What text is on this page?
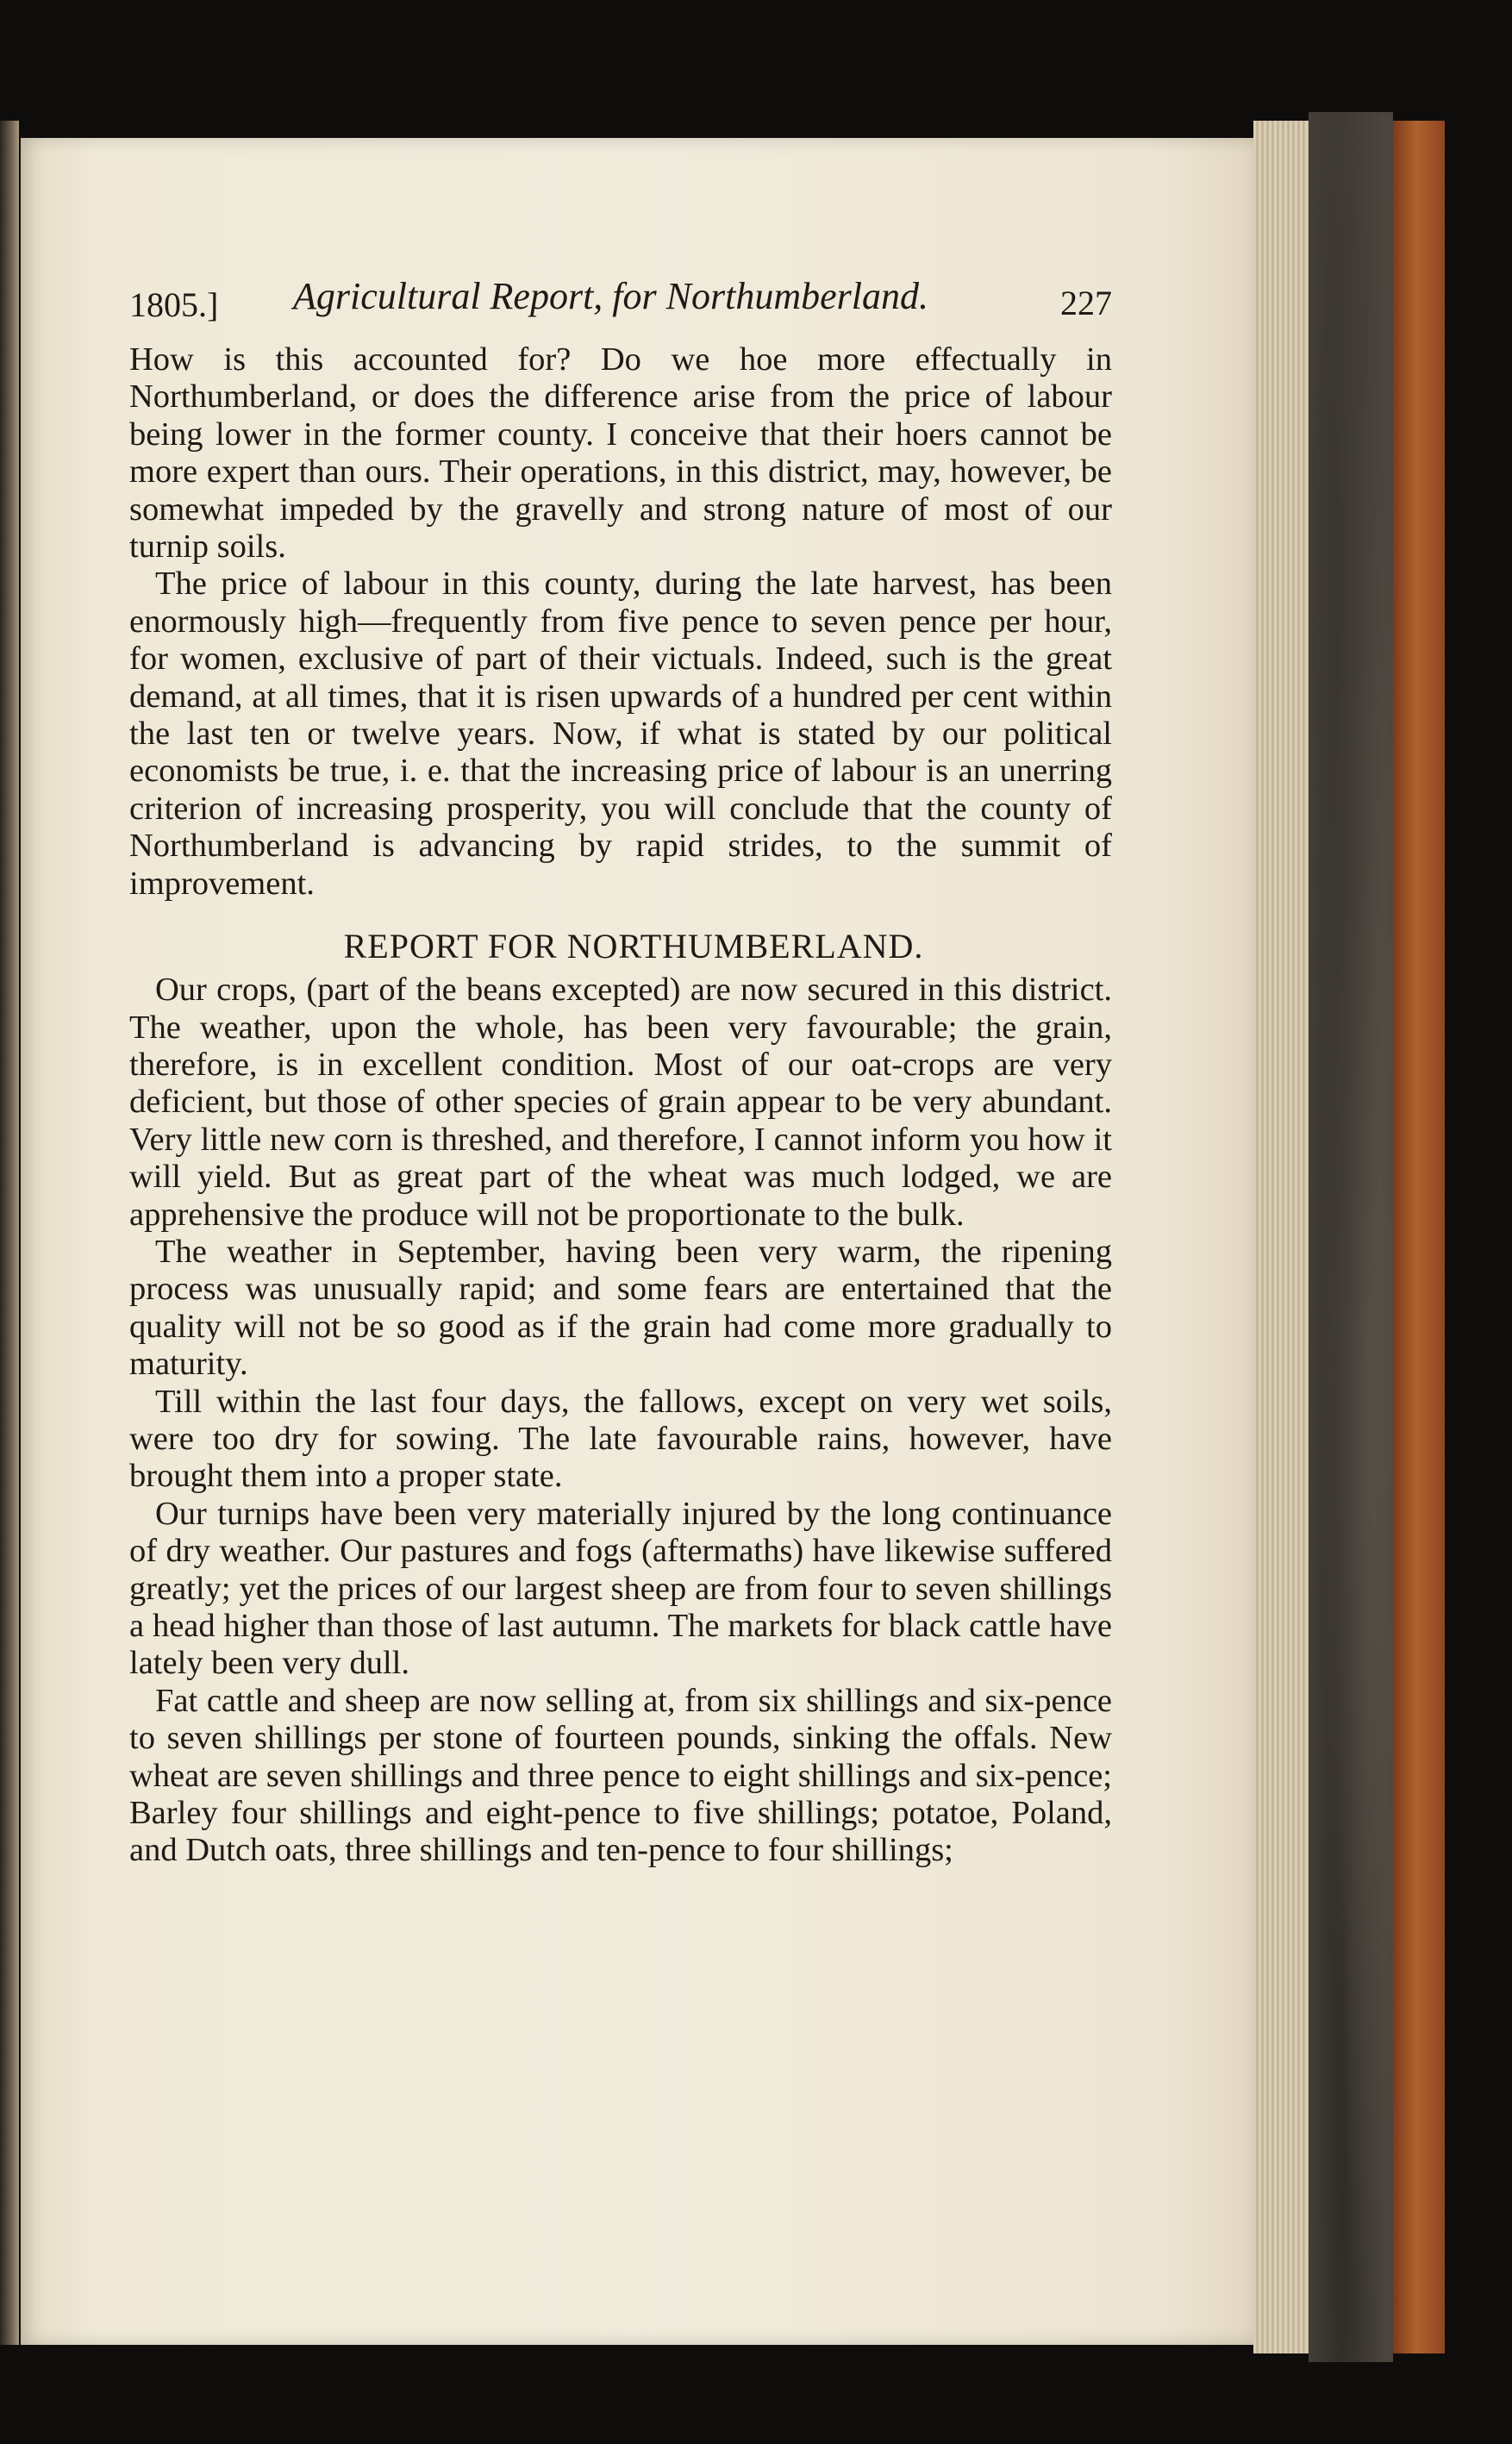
1805.] Agricultural Report, for Northumberland.	227

How is this accounted for? Do we hoe more effectually in Northumberland, or does the difference arise from the price of labour being lower in the former county. I conceive that their hoers cannot be more expert than ours. Their operations, in this district, may, however, be somewhat impeded by the gravelly and strong nature of most of our turnip soils.

The price of labour in this county, during the late harvest, has been enormously high—frequently from five pence to seven pence per hour, for women, exclusive of part of their victuals. Indeed, such is the great demand, at all times, that it is risen upwards of a hundred per cent within the last ten or twelve years. Now, if what is stated by our political economists be true, i. e. that the increasing price of labour is an unerring criterion of increasing prosperity, you will conclude that the county of Northumberland is advancing by rapid strides, to the summit of improvement.

REPORT FOR NORTHUMBERLAND.

Our crops, (part of the beans excepted) are now secured in this district. The weather, upon the whole, has been very favourable; the grain, therefore, is in excellent condition. Most of our oat-crops are very deficient, but those of other species of grain appear to be very abundant. Very little new corn is threshed, and therefore, I cannot inform you how it will yield. But as great part of the wheat was much lodged, we are apprehensive the produce will not be proportionate to the bulk.

The weather in September, having been very warm, the ripening process was unusually rapid; and some fears are entertained that the quality will not be so good as if the grain had come more gradually to maturity.

Till within the last four days, the fallows, except on very wet soils, were too dry for sowing. The late favourable rains, however, have brought them into a proper state.

Our turnips have been very materially injured by the long continuance of dry weather. Our pastures and fogs (aftermaths) have likewise suffered greatly; yet the prices of our largest sheep are from four to seven shillings a head higher than those of last autumn. The markets for black cattle have lately been very dull.

Fat cattle and sheep are now selling at, from six shillings and six-pence to seven shillings per stone of fourteen pounds, sinking the offals. New wheat are seven shillings and three pence to eight shillings and six-pence; Barley four shillings and eight-pence to five shillings; potatoe, Poland, and Dutch oats, three shillings and ten-pence to four shillings;
